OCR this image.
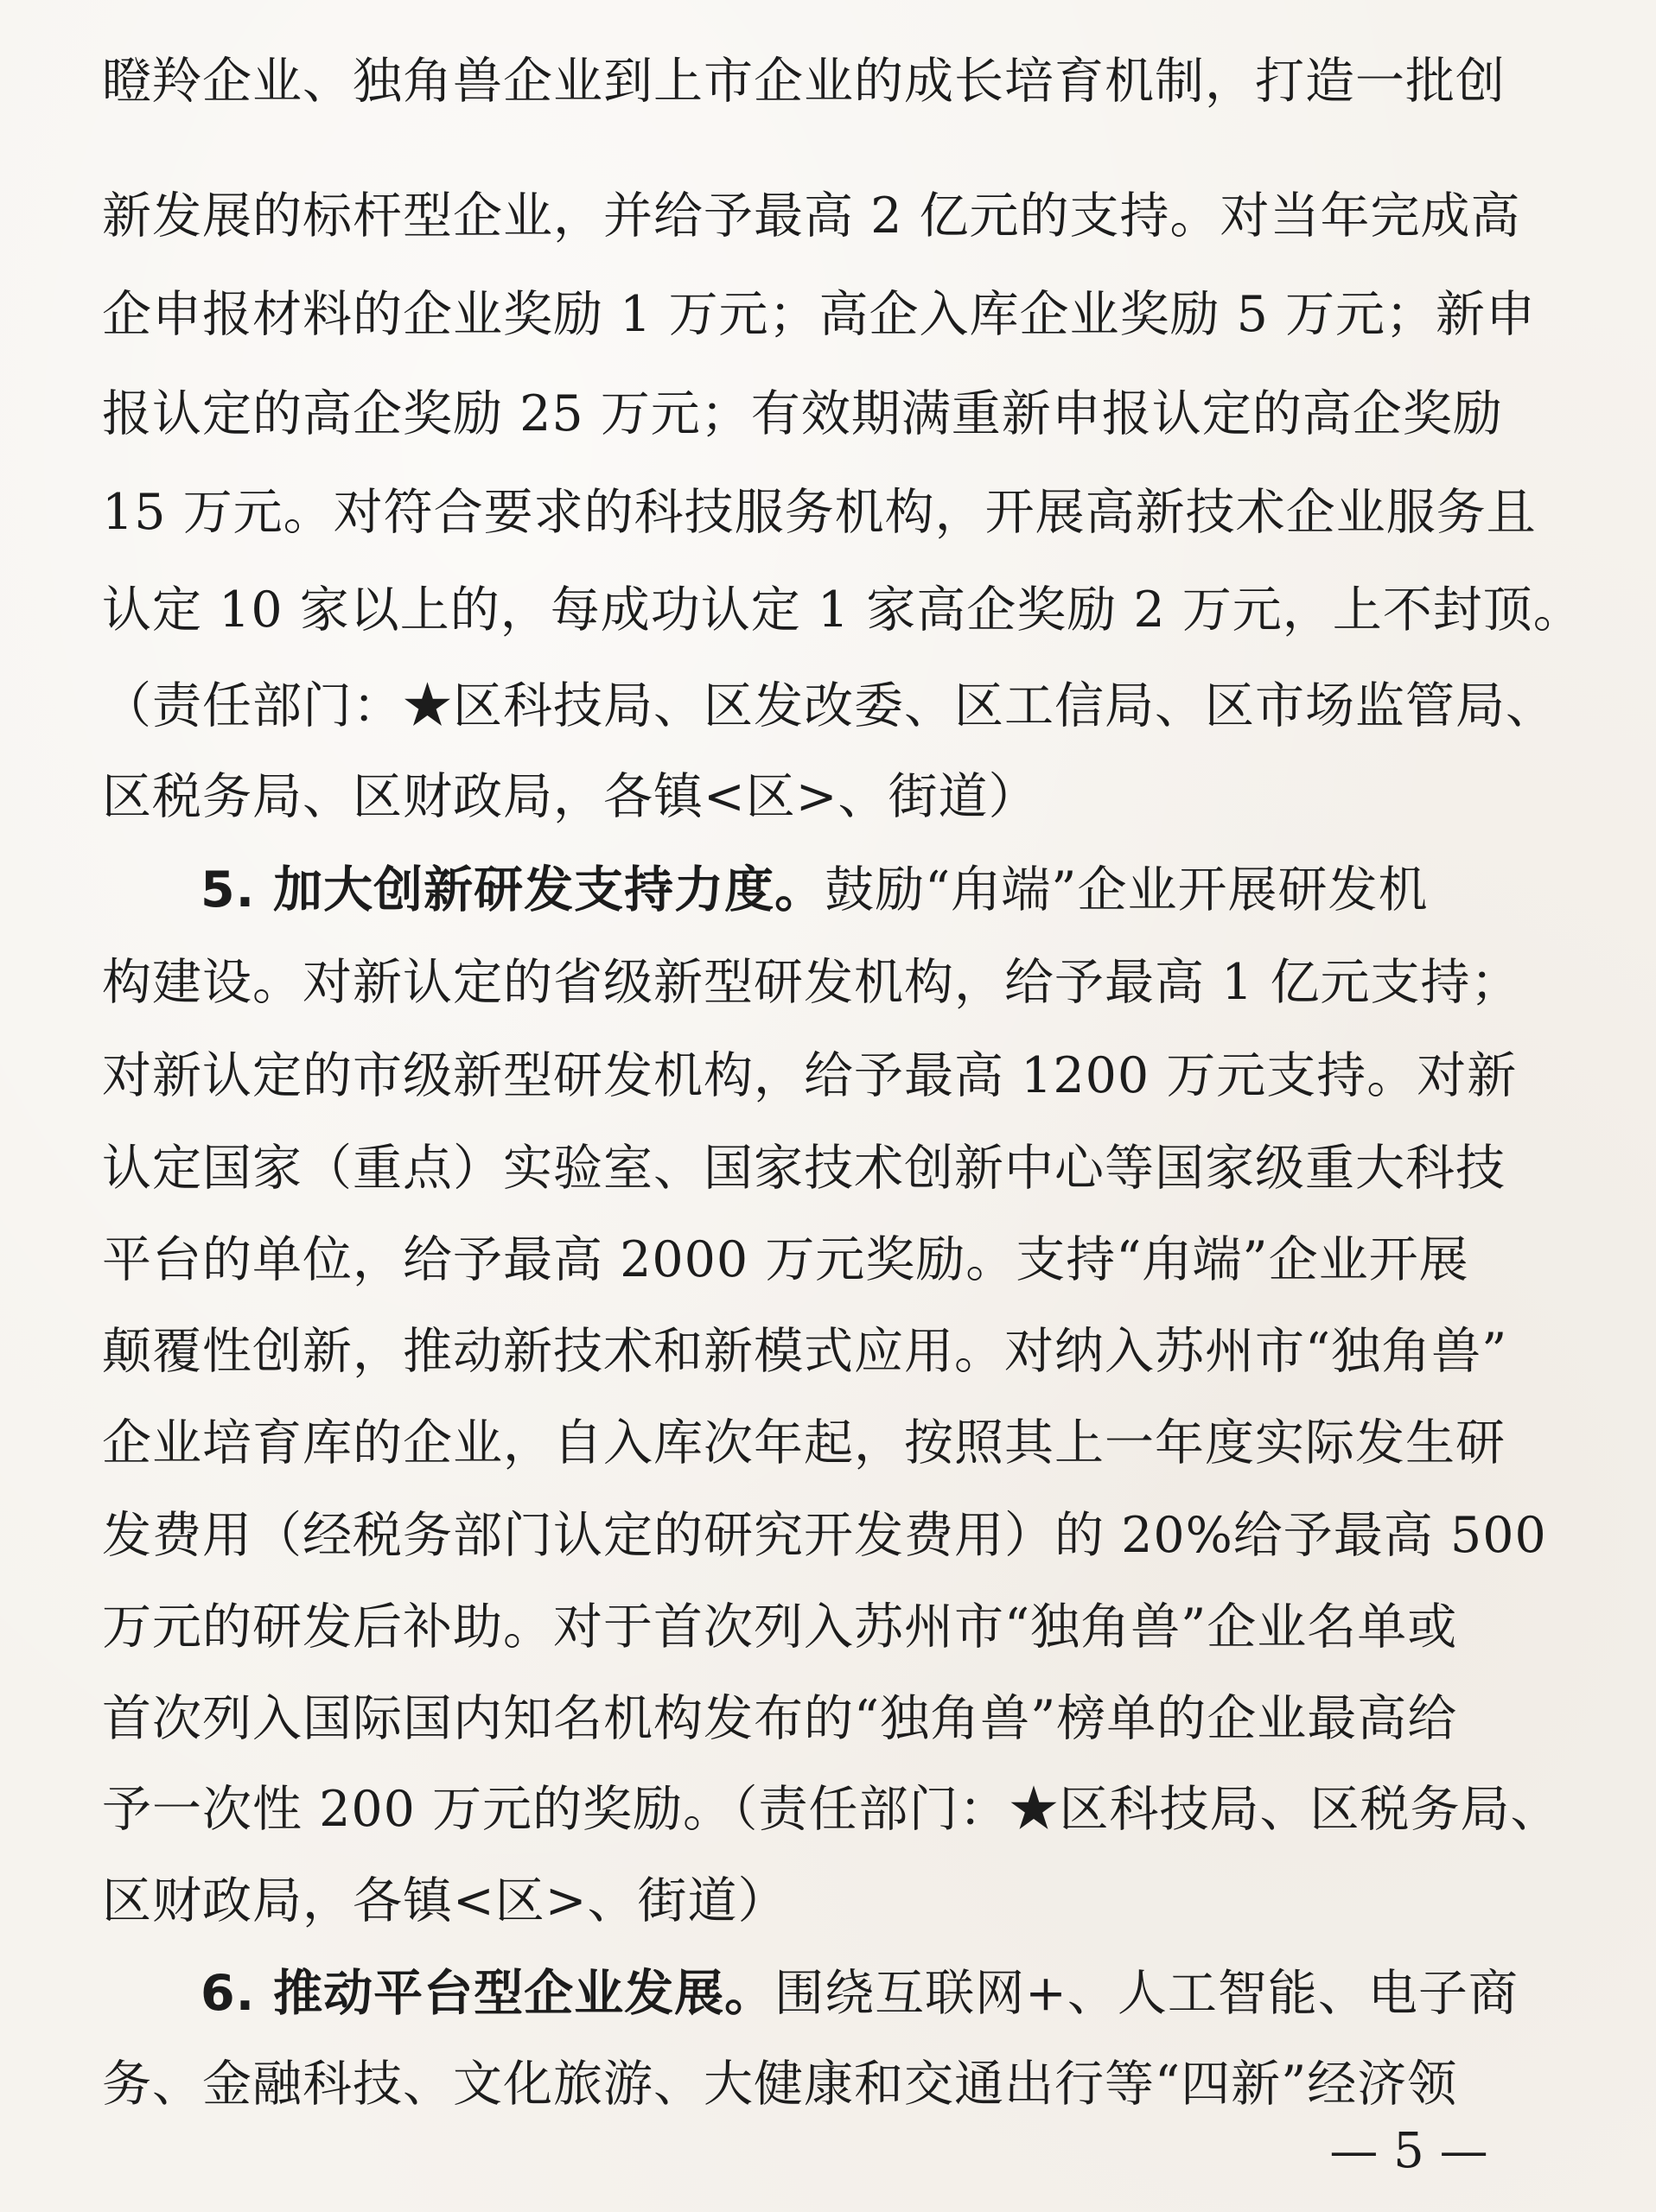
瞪羚企业、独角兽企业到上市企业的成长培育机制，打造一批创
新发展的标杆型企业，并给予最高 2 亿元的支持。对当年完成高
企申报材料的企业奖励 1 万元；高企入库企业奖励 5 万元；新申
报认定的高企奖励 25 万元；有效期满重新申报认定的高企奖励
15 万元。对符合要求的科技服务机构，开展高新技术企业服务且
认定 10 家以上的，每成功认定 1 家高企奖励 2 万元，上不封顶。
（责任部门：★区科技局、区发改委、区工信局、区市场监管局、
区税务局、区财政局，各镇<区>、街道）
5. 加大创新研发支持力度。鼓励“甪端”企业开展研发机
构建设。对新认定的省级新型研发机构，给予最高 1 亿元支持；
对新认定的市级新型研发机构，给予最高 1200 万元支持。对新
认定国家（重点）实验室、国家技术创新中心等国家级重大科技
平台的单位，给予最高 2000 万元奖励。支持“甪端”企业开展
颠覆性创新，推动新技术和新模式应用。对纳入苏州市“独角兽”
企业培育库的企业，自入库次年起，按照其上一年度实际发生研
发费用（经税务部门认定的研究开发费用）的 20%给予最高 500
万元的研发后补助。对于首次列入苏州市“独角兽”企业名单或
首次列入国际国内知名机构发布的“独角兽”榜单的企业最高给
予一次性 200 万元的奖励。（责任部门：★区科技局、区税务局、
区财政局，各镇<区>、街道）
6. 推动平台型企业发展。围绕互联网+、人工智能、电子商
务、金融科技、文化旅游、大健康和交通出行等“四新”经济领
— 5 —
